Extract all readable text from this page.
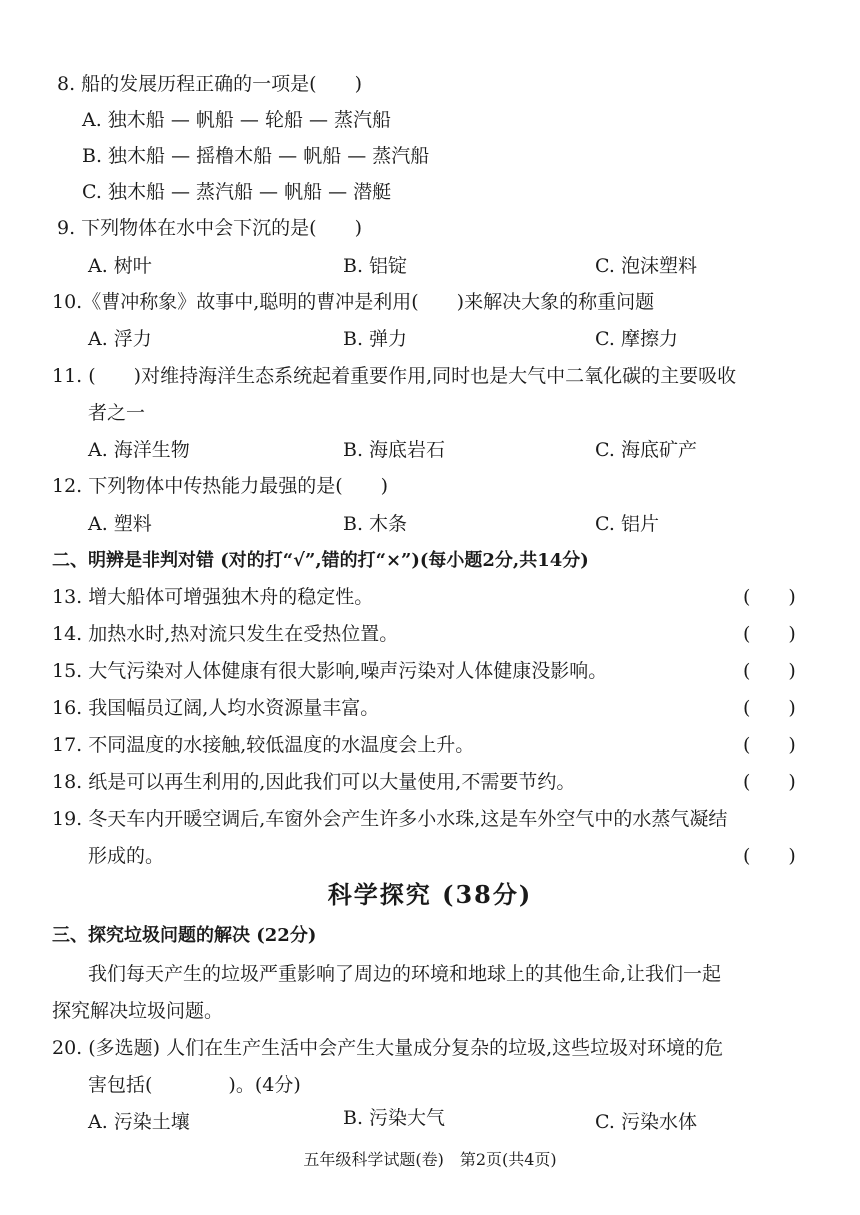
8. 船的发展历程正确的一项是(　　)
A. 独木船 — 帆船 — 轮船 — 蒸汽船
B. 独木船 — 摇橹木船 — 帆船 — 蒸汽船
C. 独木船 — 蒸汽船 — 帆船 — 潜艇
9. 下列物体在水中会下沉的是(　　)
A. 树叶	B. 铝锭	C. 泡沫塑料
10.《曹冲称象》故事中,聪明的曹冲是利用(　　)来解决大象的称重问题
A. 浮力	B. 弹力	C. 摩擦力
11. (　　)对维持海洋生态系统起着重要作用,同时也是大气中二氧化碳的主要吸收
者之一
A. 海洋生物	B. 海底岩石	C. 海底矿产
12. 下列物体中传热能力最强的是(　　)
A. 塑料	B. 木条	C. 铝片
二、明辨是非判对错 (对的打“√”,错的打“×”)(每小题2分,共14分)
13. 增大船体可增强独木舟的稳定性。	(　　)
14. 加热水时,热对流只发生在受热位置。	(　　)
15. 大气污染对人体健康有很大影响,噪声污染对人体健康没影响。	(　　)
16. 我国幅员辽阔,人均水资源量丰富。	(　　)
17. 不同温度的水接触,较低温度的水温度会上升。	(　　)
18. 纸是可以再生利用的,因此我们可以大量使用,不需要节约。	(　　)
19. 冬天车内开暖空调后,车窗外会产生许多小水珠,这是车外空气中的水蒸气凝结
形成的。	(　　)
科学探究 (38分)
三、探究垃圾问题的解决 (22分)
我们每天产生的垃圾严重影响了周边的环境和地球上的其他生命,让我们一起
探究解决垃圾问题。
20. (多选题) 人们在生产生活中会产生大量成分复杂的垃圾,这些垃圾对环境的危
害包括(　　　　)。(4分)
A. 污染土壤	B. 污染大气	C. 污染水体
五年级科学试题(卷)　第2页(共4页)
